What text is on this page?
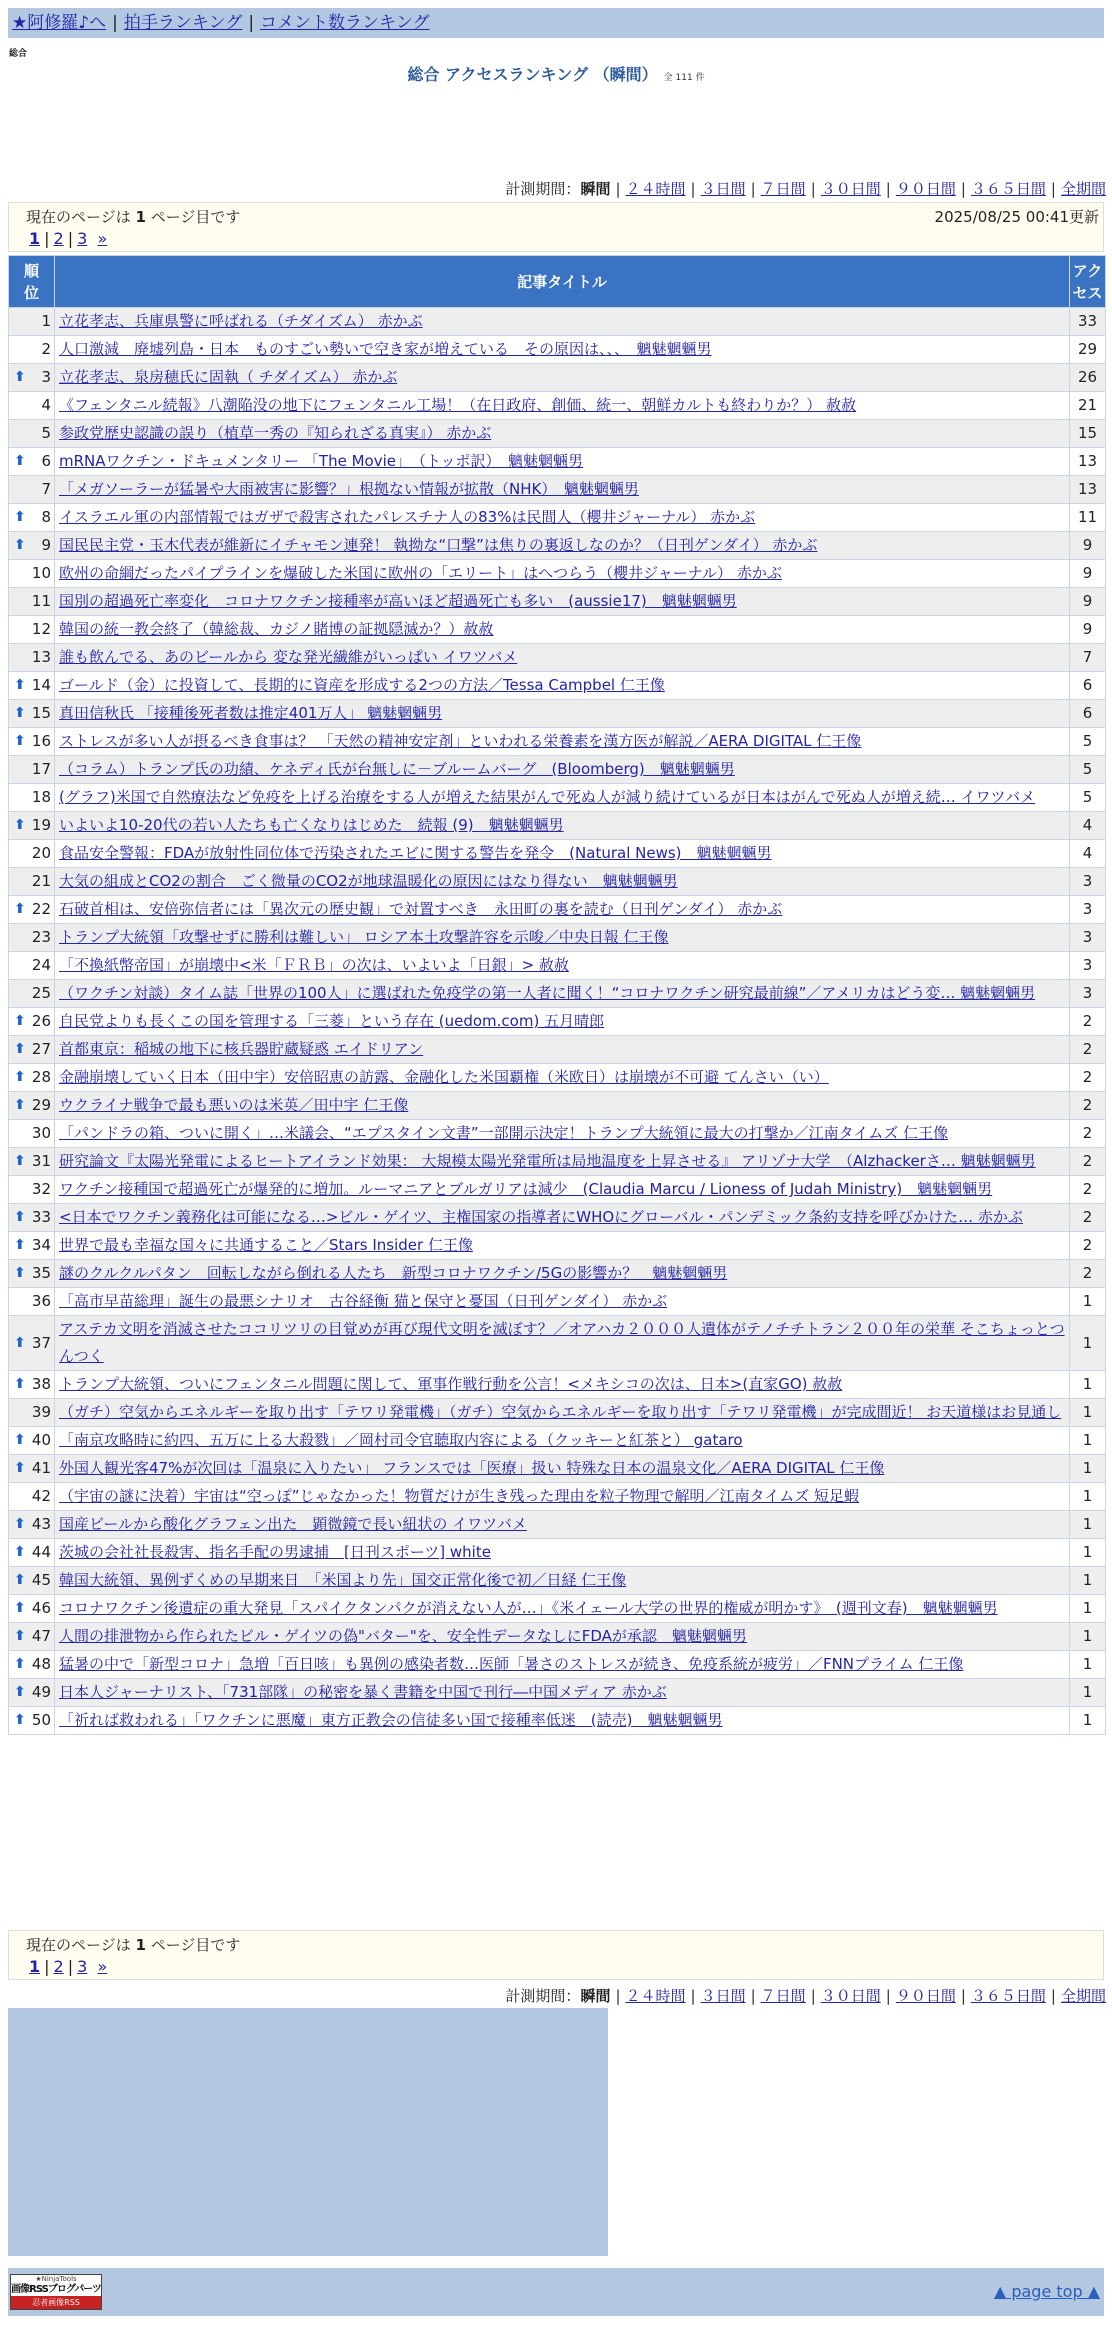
★阿修羅♪へ | 拍手ランキング | コメント数ランキング
総合
総合 アクセスランキング （瞬間） 全 111 件
計測期間：瞬間 | ２４時間 | ３日間 | ７日間 | ３０日間 | ９０日間 | ３６５日間 | 全期間
現在のページは 1 ページ目です	2025/08/25 00:41更新
1 | 2 | 3 »
順
位	記事タイトル	アク
セス
1	立花孝志、兵庫県警に呼ばれる（チダイズム） 赤かぶ	33
2	人口激減　廃墟列島・日本　ものすごい勢いで空き家が増えている　その原因は、、、　魑魅魍魎男	29

⬆ 3	立花孝志、泉房穂氏に固執（ チダイズム） 赤かぶ	26
4	《フェンタニル続報》八潮陥没の地下にフェンタニル工場！（在日政府、創価、統一、朝鮮カルトも終わりか？） 赦赦	21
5	参政党歴史認識の誤り（植草一秀の『知られざる真実』） 赤かぶ	15

⬆ 6	mRNAワクチン・ドキュメンタリー 「The Movie」　（トッポ訳）　魑魅魍魎男	13
7	「メガソーラーが猛暑や大雨被害に影響？」根拠ない情報が拡散（NHK）　魑魅魍魎男	13

⬆ 8	イスラエル軍の内部情報ではガザで殺害されたパレスチナ人の83%は民間人（櫻井ジャーナル） 赤かぶ	11

⬆ 9	国民民主党・玉木代表が維新にイチャモン連発！ 執拗な“口撃”は焦りの裏返しなのか？（日刊ゲンダイ） 赤かぶ	9
10	欧州の命綱だったパイプラインを爆破した米国に欧州の「エリート」はへつらう（櫻井ジャーナル） 赤かぶ	9
11	国別の超過死亡率変化　コロナワクチン接種率が高いほど超過死亡も多い　(aussie17)　魑魅魍魎男	9
12	韓国の統一教会終了（韓総裁、カジノ賭博の証拠隠滅か？）赦赦	9
13	誰も飲んでる、あのビールから 変な発光繊維がいっぱい イワツバメ	7

⬆ 14	ゴールド（金）に投資して、長期的に資産を形成する2つの方法／Tessa Campbel 仁王像	6

⬆ 15	真田信秋氏 「接種後死者数は推定401万人」 魑魅魍魎男	6

⬆ 16	ストレスが多い人が摂るべき食事は？ 「天然の精神安定剤」といわれる栄養素を漢方医が解説／AERA DIGITAL 仁王像	5
17	（コラム）トランプ氏の功績、ケネディ氏が台無しに－ブルームバーグ　(Bloomberg)　魑魅魍魎男	5
18	(グラフ)米国で自然療法など免疫を上げる治療をする人が増えた結果がんで死ぬ人が減り続けているが日本はがんで死ぬ人が増え続… イワツバメ	5

⬆ 19	いよいよ10-20代の若い人たちも亡くなりはじめた　続報 (9)　魑魅魍魎男	4
20	食品安全警報：FDAが放射性同位体で汚染されたエビに関する警告を発令　(Natural News)　魑魅魍魎男	4
21	大気の組成とCO2の割合　ごく微量のCO2が地球温暖化の原因にはなり得ない　魑魅魍魎男	3

⬆ 22	石破首相は、安倍弥信者には「異次元の歴史観」で対置すべき　永田町の裏を読む（日刊ゲンダイ） 赤かぶ	3
23	トランプ大統領「攻撃せずに勝利は難しい」 ロシア本土攻撃許容を示唆／中央日報 仁王像	3
24	「不換紙幣帝国」が崩壊中<米「ＦＲＢ」の次は、いよいよ「日銀」> 赦赦	3
25	（ワクチン対談）タイム誌「世界の100人」に選ばれた免疫学の第一人者に聞く！“コロナワクチン研究最前線”／アメリカはどう変… 魑魅魍魎男	3

⬆ 26	自民党よりも長くこの国を管理する「三菱」という存在 (uedom.com) 五月晴郎	2

⬆ 27	首都東京：稲城の地下に核兵器貯蔵疑惑 エイドリアン	2

⬆ 28	金融崩壊していく日本（田中宇）安倍昭恵の訪露、金融化した米国覇権（米欧日）は崩壊が不可避 てんさい（い）	2

⬆ 29	ウクライナ戦争で最も悪いのは米英／田中宇 仁王像	2
30	「パンドラの箱、ついに開く」…米議会、“エプスタイン文書”一部開示決定！トランプ大統領に最大の打撃か／江南タイムズ 仁王像	2

⬆ 31	研究論文『太陽光発電によるヒートアイランド効果： 大規模太陽光発電所は局地温度を上昇させる』 アリゾナ大学　（Alzhackerさ… 魑魅魍魎男	2
32	ワクチン接種国で超過死亡が爆発的に増加。ルーマニアとブルガリアは減少　(Claudia Marcu / Lioness of Judah Ministry)　魑魅魍魎男	2

⬆ 33	<日本でワクチン義務化は可能になる…>ビル・ゲイツ、主権国家の指導者にWHOにグローバル・パンデミック条約支持を呼びかけた… 赤かぶ	2

⬆ 34	世界で最も幸福な国々に共通すること／Stars Insider 仁王像	2

⬆ 35	謎のクルクルパタン　回転しながら倒れる人たち　新型コロナワクチン/5Gの影響か？　魑魅魍魎男	2
36	「高市早苗総理」誕生の最悪シナリオ　古谷経衡 猫と保守と憂国（日刊ゲンダイ） 赤かぶ	1

⬆ 37	アステカ文明を消滅させたココリツリの目覚めが再び現代文明を滅ぼす？／オアハカ２０００人遺体がテノチチトラン２００年の栄華 そこちょっとつんつく	1

⬆ 38	トランプ大統領、ついにフェンタニル問題に関して、軍事作戦行動を公言！<メキシコの次は、日本>(直家GO) 赦赦	1
39	（ガチ）空気からエネルギーを取り出す「テワリ発電機」（ガチ）空気からエネルギーを取り出す「テワリ発電機」が完成間近！ お天道様はお見通し	1

⬆ 40	「南京攻略時に約四、五万に上る大殺戮」／岡村司令官聴取内容による（クッキーと紅茶と） gataro	1

⬆ 41	外国人観光客47%が次回は「温泉に入りたい」 フランスでは「医療」扱い 特殊な日本の温泉文化／AERA DIGITAL 仁王像	1
42	（宇宙の謎に決着）宇宙は“空っぽ”じゃなかった！物質だけが生き残った理由を粒子物理で解明／江南タイムズ 短足蝦	1

⬆ 43	国産ビールから酸化グラフェン出た　顕微鏡で長い紐状の イワツバメ	1

⬆ 44	茨城の会社社長殺害、指名手配の男逮捕　[日刊スポーツ] white	1

⬆ 45	韓国大統領、異例ずくめの早期来日　「米国より先」国交正常化後で初／日経 仁王像	1

⬆ 46	コロナワクチン後遺症の重大発見「スパイクタンパクが消えない人が…」《米イェール大学の世界的権威が明かす》　(週刊文春)　魑魅魍魎男	1

⬆ 47	人間の排泄物から作られたビル・ゲイツの偽"バター"を、安全性データなしにFDAが承認　魑魅魍魎男	1

⬆ 48	猛暑の中で「新型コロナ」急増「百日咳」も異例の感染者数…医師「暑さのストレスが続き、免疫系統が疲労」／FNNプライム 仁王像	1

⬆ 49	日本人ジャーナリスト、「731部隊」の秘密を暴く書籍を中国で刊行―中国メディア 赤かぶ	1

⬆ 50	「祈れば救われる」「ワクチンに悪魔」東方正教会の信徒多い国で接種率低迷　(読売)　魑魅魍魎男	1
現在のページは 1 ページ目です
1 | 2 | 3 »
計測期間：瞬間 | ２４時間 | ３日間 | ７日間 | ３０日間 | ９０日間 | ３６５日間 | 全期間
★NinjaTools
画像RSSブログパーツ
忍者画像RSS
▲ page top ▲
